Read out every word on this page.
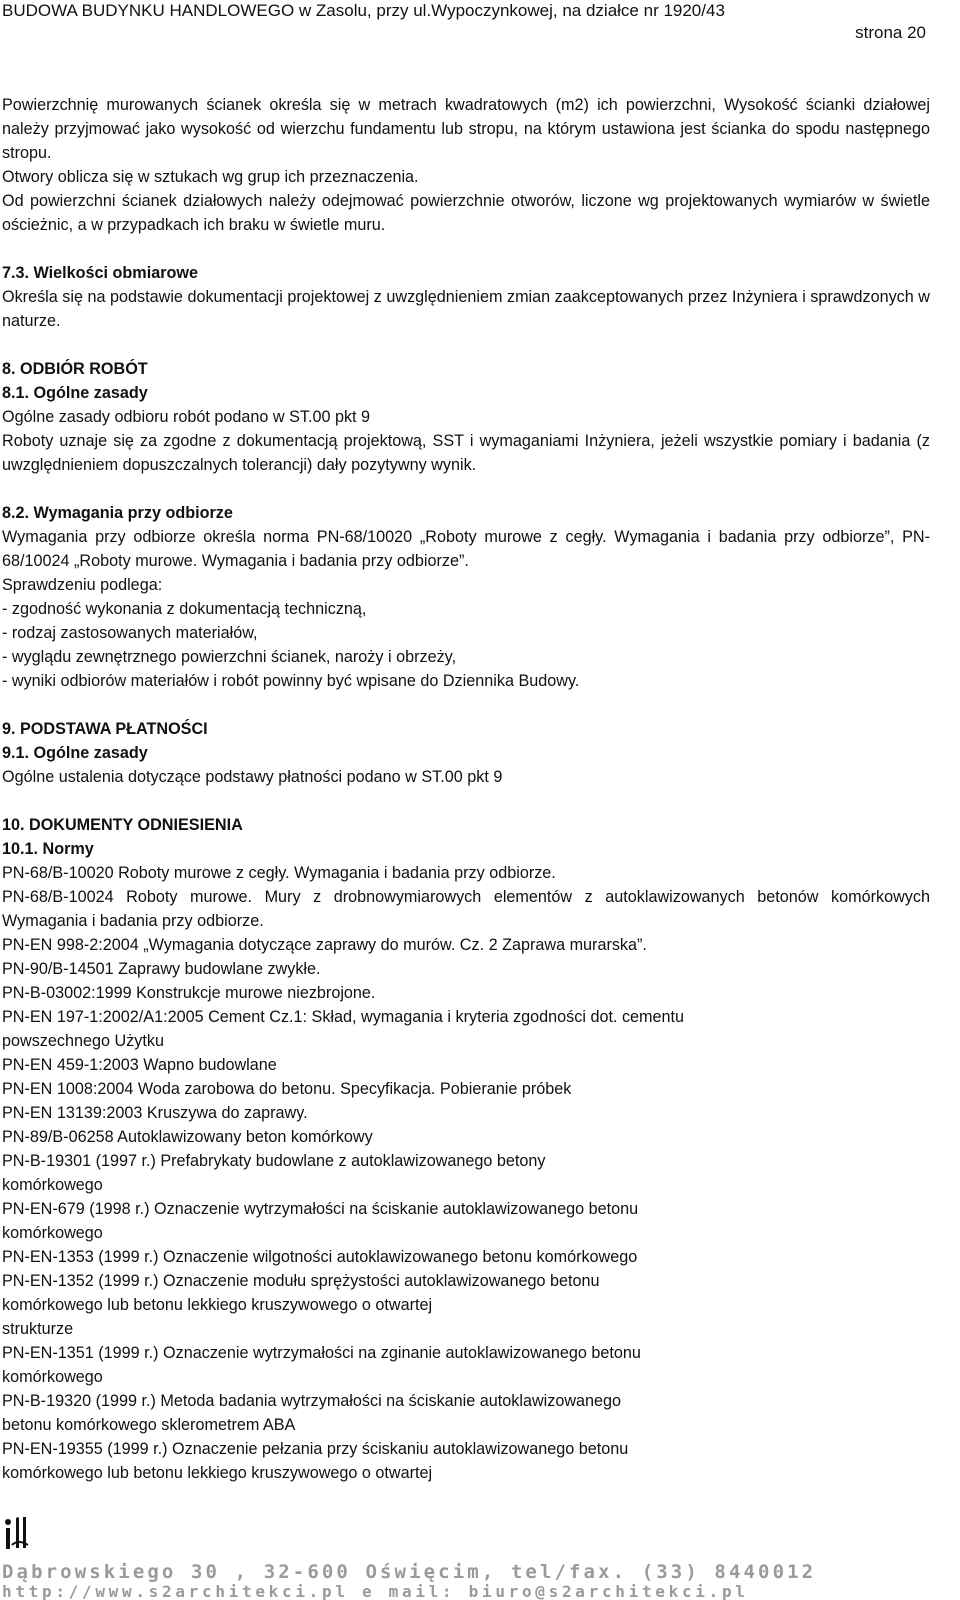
BUDOWA BUDYNKU HANDLOWEGO w Zasolu, przy ul.Wypoczynkowej, na działce nr 1920/43
strona 20

Powierzchnię murowanych ścianek określa się w metrach kwadratowych (m2) ich powierzchni, Wysokość ścianki działowej należy przyjmować jako wysokość od wierzchu fundamentu lub stropu, na którym ustawiona jest ścianka do spodu następnego stropu.

Otwory oblicza się w sztukach wg grup ich przeznaczenia.

Od powierzchni ścianek działowych należy odejmować powierzchnie otworów, liczone wg projektowanych wymiarów w świetle ościeżnic, a w przypadkach ich braku w świetle muru.

7.3. Wielkości obmiarowe

Określa się na podstawie dokumentacji projektowej z uwzględnieniem zmian zaakceptowanych przez Inżyniera i sprawdzonych w naturze.

8. ODBIÓR ROBÓT

8.1. Ogólne zasady

Ogólne zasady odbioru robót podano w ST.00 pkt 9

Roboty uznaje się za zgodne z dokumentacją projektową, SST i wymaganiami Inżyniera, jeżeli wszystkie pomiary i badania (z uwzględnieniem dopuszczalnych tolerancji) dały pozytywny wynik.

8.2. Wymagania przy odbiorze

Wymagania przy odbiorze określa norma PN-68/10020 „Roboty murowe z cegły. Wymagania i badania przy odbiorze”, PN-68/10024 „Roboty murowe. Wymagania i badania przy odbiorze”.

Sprawdzeniu podlega:

- zgodność wykonania z dokumentacją techniczną,

- rodzaj zastosowanych materiałów,

- wyglądu zewnętrznego powierzchni ścianek, naroży i obrzeży,

- wyniki odbiorów materiałów i robót powinny być wpisane do Dziennika Budowy.

9. PODSTAWA PŁATNOŚCI

9.1. Ogólne zasady

Ogólne ustalenia dotyczące podstawy płatności podano w ST.00 pkt 9

10. DOKUMENTY ODNIESIENIA

10.1. Normy

PN-68/B-10020 Roboty murowe z cegły. Wymagania i badania przy odbiorze.

PN-68/B-10024 Roboty murowe. Mury z drobnowymiarowych elementów z autoklawizowanych betonów komórkowych Wymagania i badania przy odbiorze.

PN-EN 998-2:2004 „Wymagania dotyczące zaprawy do murów. Cz. 2 Zaprawa murarska”.

PN-90/B-14501 Zaprawy budowlane zwykłe.

PN-B-03002:1999 Konstrukcje murowe niezbrojone.

PN-EN 197-1:2002/A1:2005 Cement Cz.1: Skład, wymagania i kryteria zgodności dot. cementu

powszechnego Użytku

PN-EN 459-1:2003 Wapno budowlane

PN-EN 1008:2004 Woda zarobowa do betonu. Specyfikacja. Pobieranie próbek

PN-EN 13139:2003 Kruszywa do zaprawy.

PN-89/B-06258 Autoklawizowany beton komórkowy

PN-B-19301 (1997 r.) Prefabrykaty budowlane z autoklawizowanego betony

komórkowego

PN-EN-679 (1998 r.) Oznaczenie wytrzymałości na ściskanie autoklawizowanego betonu

komórkowego

PN-EN-1353 (1999 r.) Oznaczenie wilgotności autoklawizowanego betonu komórkowego

PN-EN-1352 (1999 r.) Oznaczenie modułu sprężystości autoklawizowanego betonu

komórkowego lub betonu lekkiego kruszywowego o otwartej

strukturze

PN-EN-1351 (1999 r.) Oznaczenie wytrzymałości na zginanie autoklawizowanego betonu

komórkowego

PN-B-19320 (1999 r.) Metoda badania wytrzymałości na ściskanie autoklawizowanego

betonu komórkowego sklerometrem ABA

PN-EN-19355 (1999 r.) Oznaczenie pełzania przy ściskaniu autoklawizowanego betonu

komórkowego lub betonu lekkiego kruszywowego o otwartej

Dąbrowskiego 30 , 32-600 Oświęcim, tel/fax. (33) 8440012
http://www.s2architekci.pl e mail: biuro@s2architekci.pl
